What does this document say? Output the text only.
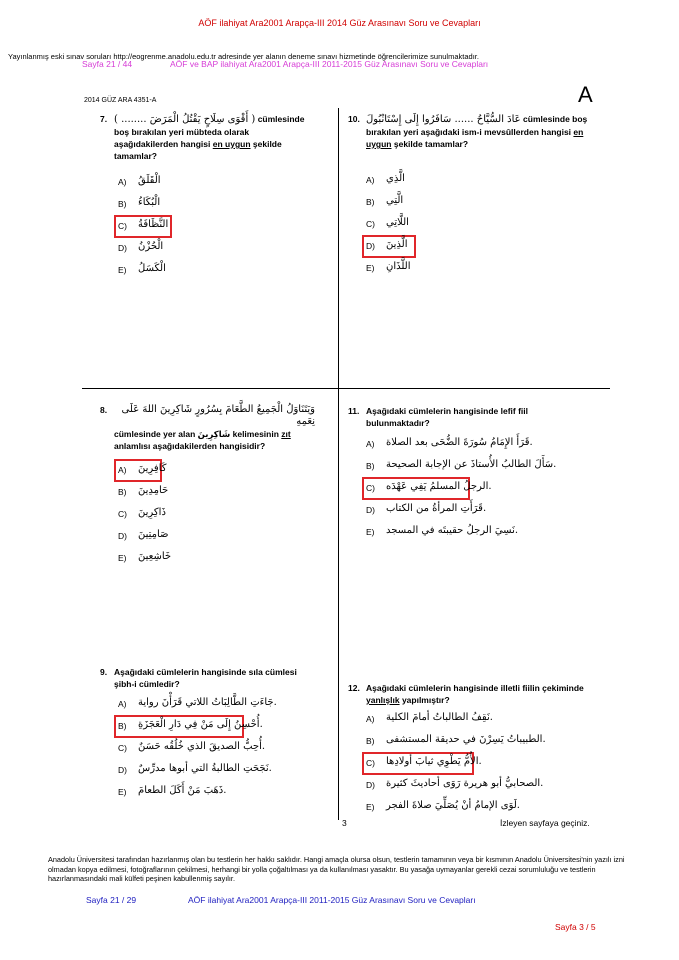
AÖF ilahiyat Ara2001 Arapça-III 2014 Güz Arasınavı Soru ve Cevapları
Yayınlanmış eski sınav soruları http://eogrenme.anadolu.edu.tr adresinde yer alanın deneme sınavı hizmetinde öğrencilerimize sunulmaktadır.
Sayfa 21 / 44	AÖF ve BAP ilahiyat Ara2001 Arapça-III 2011-2015 Güz Arasınavı Soru ve Cevapları
2014 GÜZ ARA 4351-A	A
7. ( أَقْوَى سِلَاحٍ يَقْتُلُ الْمَرَضَ ........ ) cümlesinde boş bırakılan yeri mübteda olarak aşağıdakilerden hangisi en uygun şekilde tamamlar?
A) الْقَلَقُ
B) الْبُكَاءُ
C) النَّظَافَةُ
D) الْحُزْنُ
E) الْكَسَلُ
10. عَادَ السُّيَّاحُ ...... سَافَرُوا إِلَى إِسْتَانْبُولَ cümlesinde boş bırakılan yeri aşağıdaki ism-i mevsûllerden hangisi en uygun şekilde tamamlar?
A) الَّذِي
B) الَّتِي
C) اللَّاتِي
D) الَّذِينَ
E) اللَّذَانِ
8.	وَيَتَنَاوَلُ الْجَمِيعُ الطَّعَامَ بِسُرُورٍ شَاكِرِينَ اللهَ عَلَى نِعَمِهِ
cümlesinde yer alan شَاكِرِينَ kelimesinin zıt anlamlısı aşağıdakilerden hangisidir?
A) كَافِرِينَ
B) حَامِدِينَ
C) ذَاكِرِينَ
D) صَامِتِينَ
E) خَاشِعِينَ
11. Aşağıdaki cümlelerin hangisinde lefif fiil bulunmaktadır?
A) قَرَأَ الإِمَامُ سُورَةَ الضُّحَى بعد الصلاة.
B) سَأَلَ الطالبُ الأُستاذَ عن الإجابة الصحيحة.
C) الرجلُ المسلمُ يَفِي عَهْدَه.
D) قَرَأَتِ المرأةُ من الكتاب.
E) نَسِيَ الرجلُ حقيبتَه في المسجد.
9. Aşağıdaki cümlelerin hangisinde sıla cümlesi şibh-i cümledir?
A) جَاءَتِ الطَّالِبَاتُ اللاتي قَرَأْنَ رواية.
B) أُحْسِنُ إِلَى مَنْ فِي دَارِ الْعَجَزَةِ.
C) أُحِبُّ الصديقَ الذي خُلُقُه حَسَنٌ.
D) نَجَحَتِ الطالبةُ التي أبوها مدرِّسٌ.
E) ذَهَبَ مَنْ أَكَلَ الطعامَ.
12. Aşağıdaki cümlelerin hangisinde illetli fiilin çekiminde yanlışlık yapılmıştır?
A) نَقِفُ الطالباتُ أمامَ الكلية.
B) الطبيباتُ يَسِرْنَ في حديقة المستشفى.
C) الأُمُّ يَطْوِي ثيابَ أولادِها.
D) الصحابيُّ أبو هريرة رَوَى أحاديثَ كثيرة.
E) لَوَى الإمامُ أنْ يُصَلِّيَ صلاةَ الفجر.
3	İzleyen sayfaya geçiniz.
Anadolu Üniversitesi tarafından hazırlanmış olan bu testlerin her hakkı saklıdır. Hangi amaçla olursa olsun, testlerin tamamının veya bir kısmının Anadolu Üniversitesi'nin yazılı izni olmadan kopya edilmesi, fotoğraflarının çekilmesi, herhangi bir yolla çoğaltılması ya da kullanılması yasaktır. Bu yasağa uymayanlar gerekli cezai sorumluluğu ve testlerin hazırlanmasındaki mali külfeti peşinen kabullenmiş sayılır.
Sayfa 21 / 29	AÖF ilahiyat Ara2001 Arapça-III 2011-2015 Güz Arasınavı Soru ve Cevapları
Sayfa 3 / 5
